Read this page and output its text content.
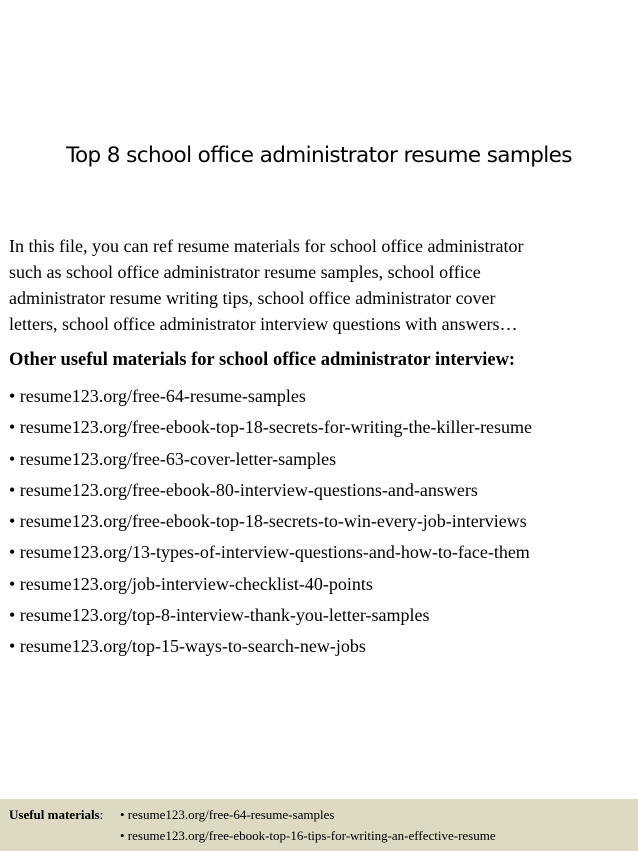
Top 8 school office administrator resume samples
In this file, you can ref resume materials for school office administrator
such as school office administrator resume samples, school office
administrator resume writing tips, school office administrator cover
letters, school office administrator interview questions with answers…
Other useful materials for school office administrator interview:
• resume123.org/free-64-resume-samples
• resume123.org/free-ebook-top-18-secrets-for-writing-the-killer-resume
• resume123.org/free-63-cover-letter-samples
• resume123.org/free-ebook-80-interview-questions-and-answers
• resume123.org/free-ebook-top-18-secrets-to-win-every-job-interviews
• resume123.org/13-types-of-interview-questions-and-how-to-face-them
• resume123.org/job-interview-checklist-40-points
• resume123.org/top-8-interview-thank-you-letter-samples
• resume123.org/top-15-ways-to-search-new-jobs
Useful materials: • resume123.org/free-64-resume-samples
• resume123.org/free-ebook-top-16-tips-for-writing-an-effective-resume
